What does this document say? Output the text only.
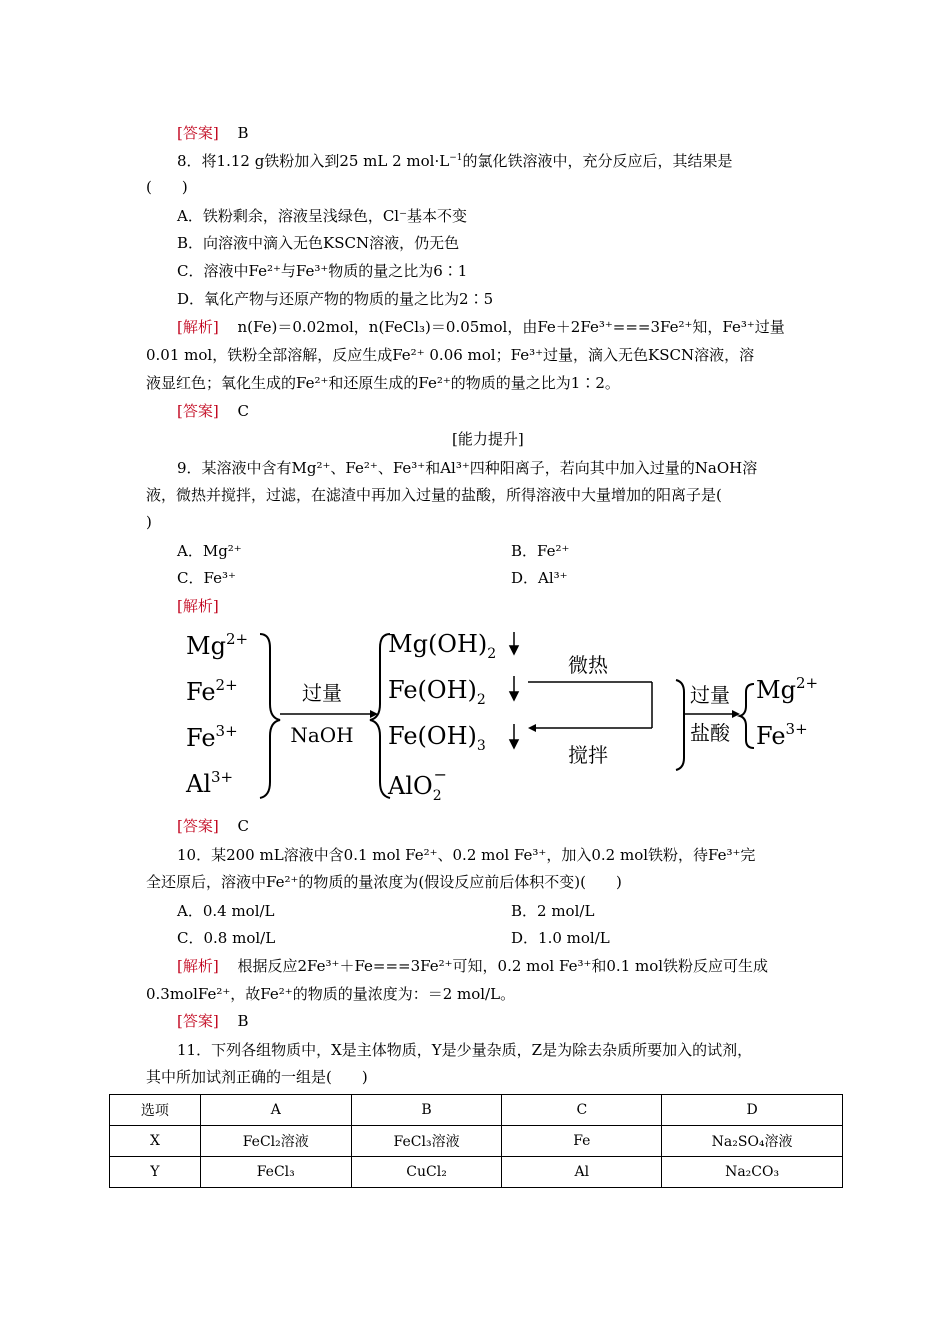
[答案] B
8．将1.12 g铁粉加入到25 mL 2 $mol\cdot L^{-1}$的氯化铁溶液中，充分反应后，其结果是
(　　)
A．铁粉剩余，溶液呈浅绿色，Cl⁻基本不变
B．向溶液中滴入无色KSCN溶液，仍无色
C．溶液中Fe²⁺与Fe³⁺物质的量之比为6∶1
D．氧化产物与还原产物的物质的量之比为2∶5
[解析] n(Fe)＝0.02mol，n(FeCl₃)＝0.05mol，由Fe＋2Fe³⁺===3Fe²⁺知，Fe³⁺过量
0.01 mol，铁粉全部溶解，反应生成Fe²⁺ 0.06 mol；Fe³⁺过量，滴入无色KSCN溶液，溶
液显红色；氧化生成的Fe²⁺和还原生成的Fe²⁺的物质的量之比为1∶2。
[答案] C
[能力提升]
9．某溶液中含有Mg²⁺、Fe²⁺、Fe³⁺和Al³⁺四种阳离子，若向其中加入过量的NaOH溶
液，微热并搅拌，过滤，在滤渣中再加入过量的盐酸，所得溶液中大量增加的阳离子是(
)
A．Mg²⁺	B．Fe²⁺
C．Fe³⁺	D．Al³⁺
[解析]
$Mg^{2+}$
$Fe^{2+}$
$Fe^{3+}$
$Al^{3+}$
过量
NaOH
$Mg(OH)_2$
$Fe(OH)_2$
$Fe(OH)_3$
AlO$_2$−
微热
搅拌
过量
盐酸
$Mg^{2+}$
$Fe^{3+}$
[答案] C
10．某200 mL溶液中含0.1 mol Fe²⁺、0.2 mol Fe³⁺，加入0.2 mol铁粉，待Fe³⁺完
全还原后，溶液中Fe²⁺的物质的量浓度为(假设反应前后体积不变)(　　)
A．0.4 mol/L	B．2 mol/L
C．0.8 mol/L	D．1.0 mol/L
[解析] 根据反应2Fe³⁺＋Fe===3Fe²⁺可知，0.2 mol Fe³⁺和0.1 mol铁粉反应可生成
0.3molFe²⁺，故Fe²⁺的物质的量浓度为：＝2 mol/L。
[答案] B
11．下列各组物质中，X是主体物质，Y是少量杂质，Z是为除去杂质所要加入的试剂，
其中所加试剂正确的一组是(　　)
选项	A	B	C	D
X	FeCl₂溶液	FeCl₃溶液	Fe	Na₂SO₄溶液
Y	FeCl₃	CuCl₂	Al	Na₂CO₃
